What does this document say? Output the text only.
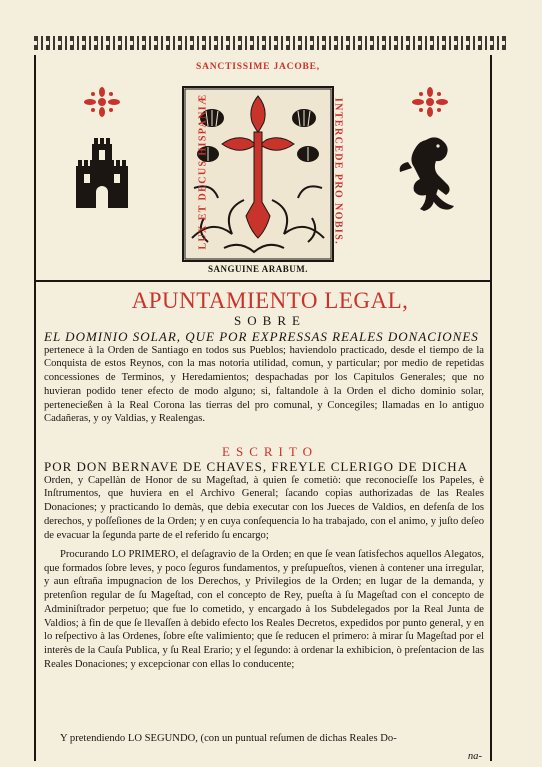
SANCTISSIME JACOBE,
LUX ET DECUS HISPANIÆ	INTERCEDE PRO NOBIS.
SANGUINE ARABUM.
APUNTAMIENTO LEGAL,
SOBRE
EL DOMINIO SOLAR, QUE POR EXPRESSAS REALES DONACIONES
pertenece à la Orden de Santiago en todos sus Pueblos; haviendolo practicado, desde el tiempo de la Conquista de estos Reynos, con la mas notoria utilidad, comun, y particular; por medio de repetidas concessiones de Terminos, y Heredamientos; despachadas por los Capitulos Generales; que no huvieran podido tener efecto de modo alguno; si, faltandole à la Orden el dicho dominio solar, pertenecießen à la Real Corona las tierras del pro comunal, y Concegiles; llamadas en lo antiguo Cadañeras, y oy Valdias, y Realengas.
ESCRITO
POR DON BERNAVE DE CHAVES, FREYLE CLERIGO DE DICHA
Orden, y Capellàn de Honor de su Mageſtad, à quien ſe cometiò: que reconocieſſe los Papeles, è Inſtrumentos, que huviera en el Archivo General; ſacando copias authorizadas de las Reales Donaciones; y practicando lo demàs, que debia executar con los Jueces de Valdios, en defenſa de los derechos, y poſſeſiones de la Orden; y en cuya conſequencia lo ha trabajado, con el animo, y juſto deſeo de evacuar la ſegunda parte de el referido ſu encargo;
Procurando LO PRIMERO, el deſagravio de la Orden; en que ſe vean ſatisfechos aquellos Alegatos, que formados ſobre leves, y poco ſeguros fundamentos, y preſupueſtos, vienen à contener una irregular, y aun eſtraña impugnacion de los Derechos, y Privilegios de la Orden; en lugar de la demanda, y pretenſion regular de ſu Mageſtad, con el concepto de Rey, pueſta à ſu Mageſtad con el concepto de Adminiſtrador perpetuo; que fue lo cometido, y encargado à los Subdelegados por la Real Junta de Valdios; à fin de que ſe llevaſſen à debido efecto los Reales Decretos, expedidos por punto general, y en lo reſpectivo à las Ordenes, ſobre eſte valimiento; que ſe reducen el primero: à mirar ſu Mageſtad por el interès de la Cauſa Publica, y ſu Real Erario; y el ſegundo: à ordenar la exhibicion, ò preſentacion de las Reales Donaciones; y excepcionar con ellas lo conducente;
Y pretendiendo LO SEGUNDO, (con un puntual reſumen de dichas Reales Do-
na-
